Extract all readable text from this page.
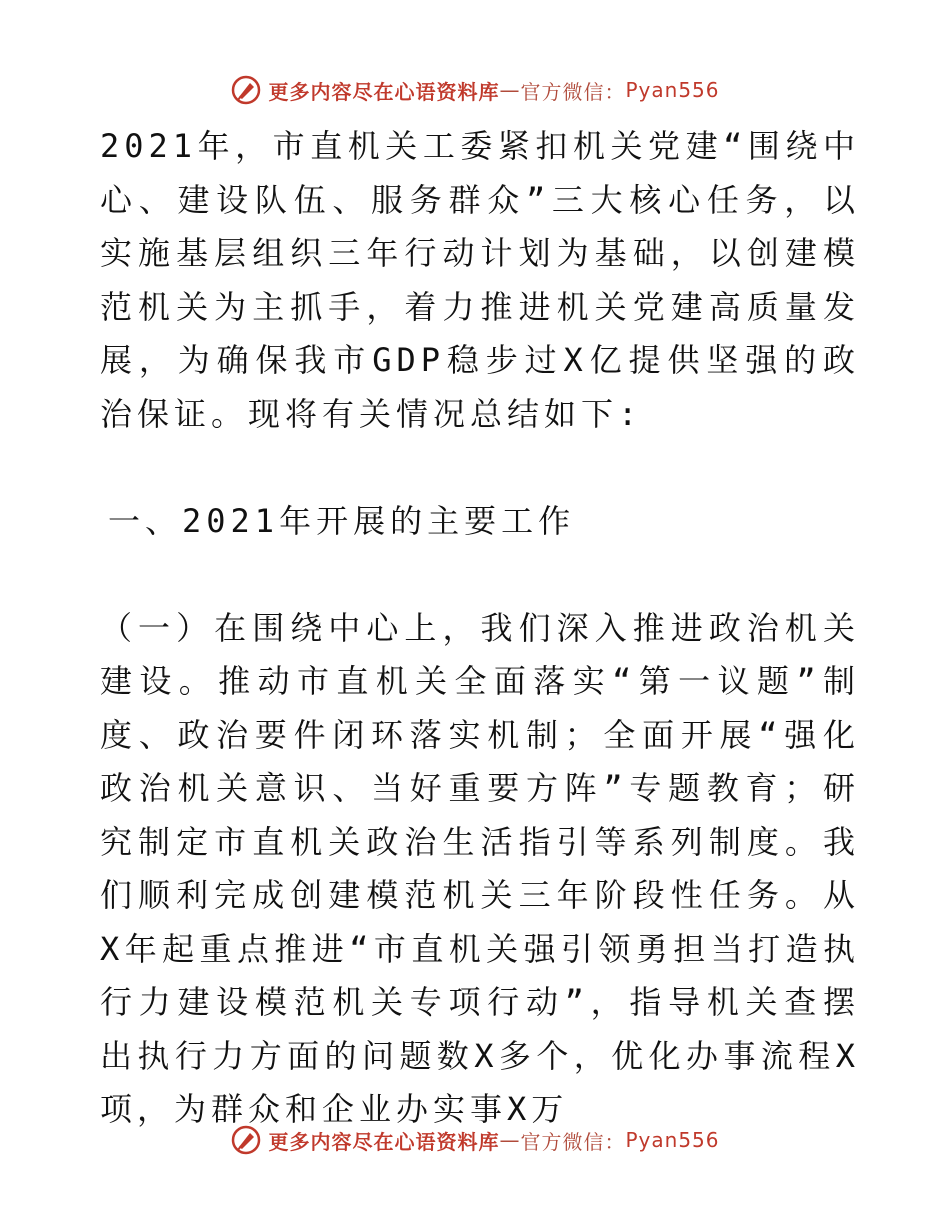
更多内容尽在心语资料库 — 官方微信： Pyan556

2021年，市直机关工委紧扣机关党建“围绕中心、建设队伍、服务群众”三大核心任务，以实施基层组织三年行动计划为基础，以创建模范机关为主抓手，着力推进机关党建高质量发展，为确保我市GDP稳步过X亿提供坚强的政治保证。现将有关情况总结如下:

一、2021年开展的主要工作

（一）在围绕中心上，我们深入推进政治机关建设。推动市直机关全面落实“第一议题”制度、政治要件闭环落实机制；全面开展“强化政治机关意识、当好重要方阵”专题教育；研究制定市直机关政治生活指引等系列制度。我们顺利完成创建模范机关三年阶段性任务。从X年起重点推进“市直机关强引领勇担当打造执行力建设模范机关专项行动”，指导机关查摆出执行力方面的问题数X多个，优化办事流程X项，为群众和企业办实事X万

更多内容尽在心语资料库 — 官方微信： Pyan556
